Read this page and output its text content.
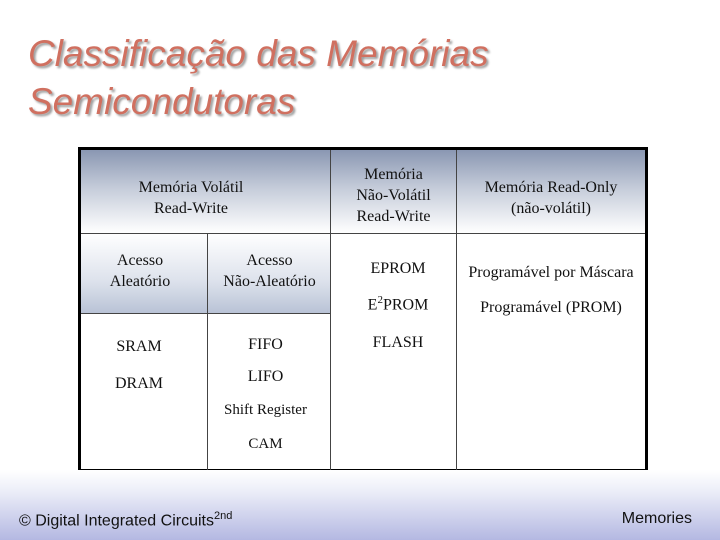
Classificação das Memórias
Semicondutoras
Memória Volátil
Read-Write
Memória
Não-Volátil
Read-Write
Memória Read-Only
(não-volátil)
Acesso
Aleatório
Acesso
Não-Aleatório
SRAM
DRAM
FIFO
LIFO
Shift Register
CAM
EPROM
$E^2PROM$
FLASH
Programável por Máscara
Programável (PROM)
© Digital Integrated Circuits$^{2nd}$	Memories
